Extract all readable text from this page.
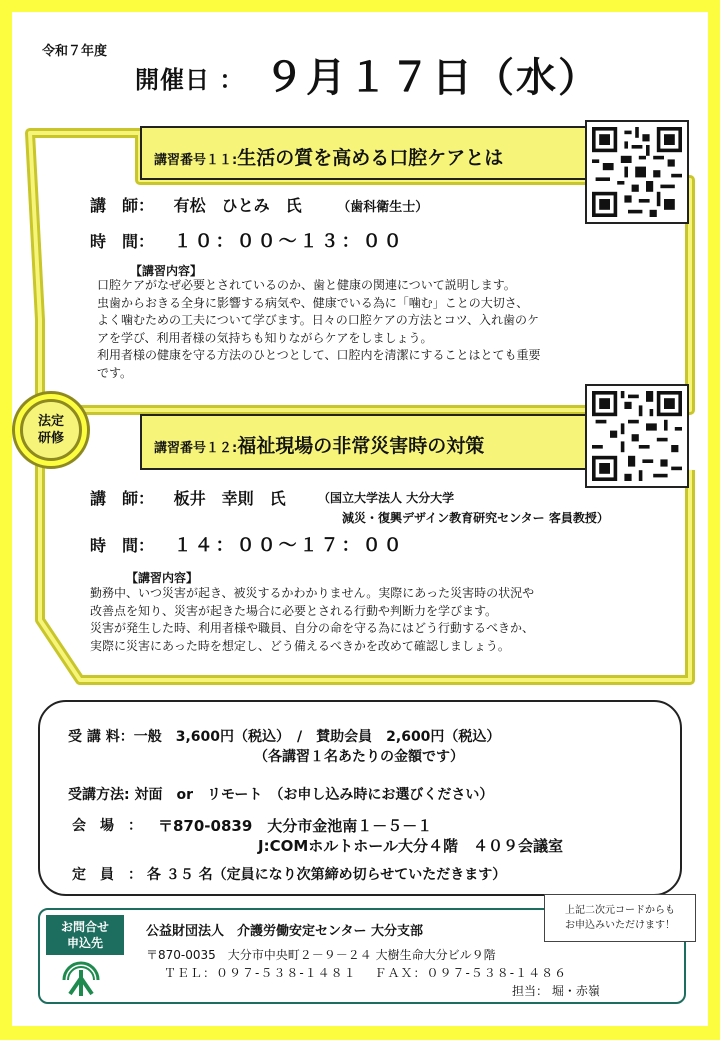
令和７年度
開催日 ： ９月１７日（水）
講習番号１１:生活の質を高める口腔ケアとは
講　師： 有松　ひとみ　氏	（歯科衛生士）
時　間： １０：００～１３：００
【講習内容】
口腔ケアがなぜ必要とされているのか、歯と健康の関連について説明します。
虫歯からおきる全身に影響する病気や、健康でいる為に「噛む」ことの大切さ、
よく噛むための工夫について学びます。日々の口腔ケアの方法とコツ、入れ歯のケ
アを学び、利用者様の気持ちも知りながらケアをしましょう。
利用者様の健康を守る方法のひとつとして、口腔内を清潔にすることはとても重要
です。
法定
研修
講習番号１２:福祉現場の非常災害時の対策
講　師： 板井　幸則　氏	（国立大学法人 大分大学
減災・復興デザイン教育研究センター 客員教授）
時　間： １４：００～１７：００
【講習内容】
勤務中、いつ災害が起き、被災するかわかりません。実際にあった災害時の状況や
改善点を知り、災害が起きた場合に必要とされる行動や判断力を学びます。
災害が発生した時、利用者様や職員、自分の命を守る為にはどう行動するべきか、
実際に災害にあった時を想定し、どう備えるべきかを改めて確認しましょう。
受 講 料：一般　3,600円（税込）　/　賛助会員　2,600円（税込）
（各講習１名あたりの金額です）
受講方法: 対面　or　リモート　（お申し込み時にお選びください）
会　場　： 〒870-0839　大分市金池南１－５－１
J:COMホルトホール大分４階　４０９会議室
定　員　： 各 ３５ 名（定員になり次第締め切らせていただきます）
お問合せ
申込先
公益財団法人　介護労働安定センター 大分支部
〒870-0035　大分市中央町２－９－２４ 大樹生命大分ビル９階
ＴＥＬ：０９７-５３８-１４８１　 ＦＡＸ：０９７-５３８-１４８６
担当： 堀・赤嶺
上記二次元コードからも
お申込みいただけます！
